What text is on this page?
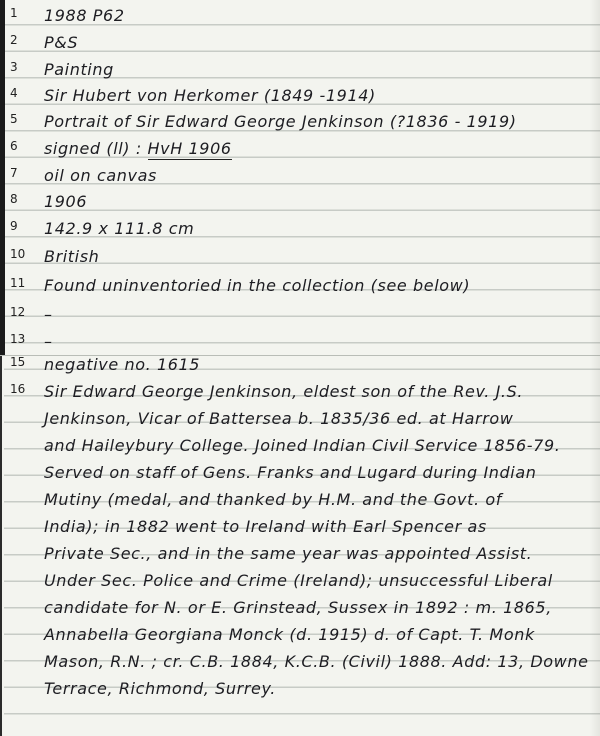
1	1988 P62
2	P&S
3	Painting
4	Sir Hubert von Herkomer (1849 -1914)
5	Portrait of Sir Edward George Jenkinson (?1836 - 1919)
6	signed (ll) : HvH 1906
7	oil on canvas
8	1906
9	142.9 x 111.8 cm
10	British
11	Found uninventoried in the collection (see below)
12	–
13	–
15	negative no. 1615
16	Sir Edward George Jenkinson, eldest son of the Rev. J.S.
Jenkinson, Vicar of Battersea b. 1835/36 ed. at Harrow
and Haileybury College. Joined Indian Civil Service 1856-79.
Served on staff of Gens. Franks and Lugard during Indian
Mutiny (medal, and thanked by H.M. and the Govt. of
India); in 1882 went to Ireland with Earl Spencer as
Private Sec., and in the same year was appointed Assist.
Under Sec. Police and Crime (Ireland); unsuccessful Liberal
candidate for N. or E. Grinstead, Sussex in 1892 : m. 1865,
Annabella Georgiana Monck (d. 1915) d. of Capt. T. Monk
Mason, R.N. ; cr. C.B. 1884, K.C.B. (Civil) 1888. Add: 13, Downe
Terrace, Richmond, Surrey.
